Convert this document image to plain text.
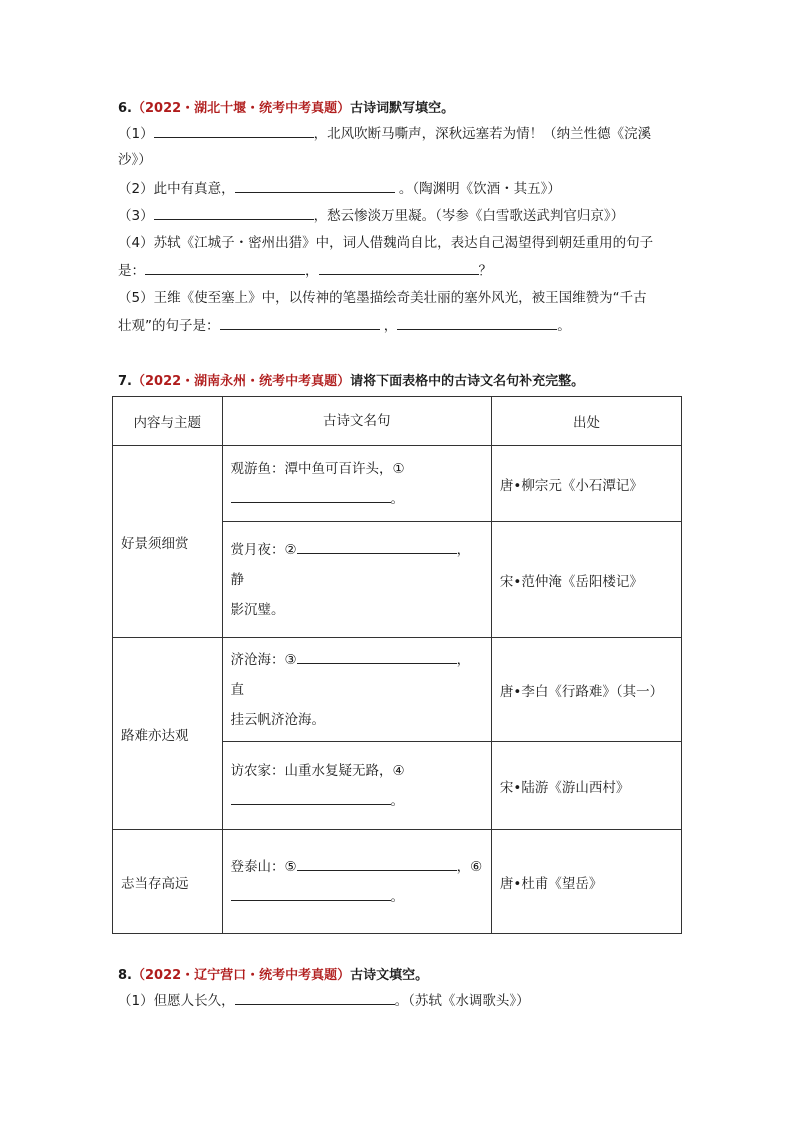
6.（2022・湖北十堰・统考中考真题）古诗词默写填空。
（1）	，北风吹断马嘶声，深秋远塞若为情！（纳兰性德《浣溪
沙》）
（2）此中有真意，	。（陶渊明《饮酒・其五》）
（3）	，愁云惨淡万里凝。（岑参《白雪歌送武判官归京》）
（4）苏轼《江城子・密州出猎》中，词人借魏尚自比，表达自己渴望得到朝廷重用的句子
是：	，	？
（5）王维《使至塞上》中，以传神的笔墨描绘奇美壮丽的塞外风光，被王国维赞为“千古
壮观”的句子是：	，	。
7.（2022・湖南永州・统考中考真题）请将下面表格中的古诗文名句补充完整。
内容与主题	古诗文名句	出处
好景须细赏	观游鱼：潭中鱼可百许头，①
。	唐•柳宗元《小石潭记》
	赏月夜：② ，静
影沉璧。	宋•范仲淹《岳阳楼记》
路难亦达观	济沧海：③ ，直
挂云帆济沧海。	唐•李白《行路难》（其一）
	访农家：山重水复疑无路，④
。	宋•陆游《游山西村》
志当存高远	登泰山：⑤ ，⑥
。	唐•杜甫《望岳》
8.（2022・辽宁营口・统考中考真题）古诗文填空。
（1）但愿人长久，	。（苏轼《水调歌头》）
